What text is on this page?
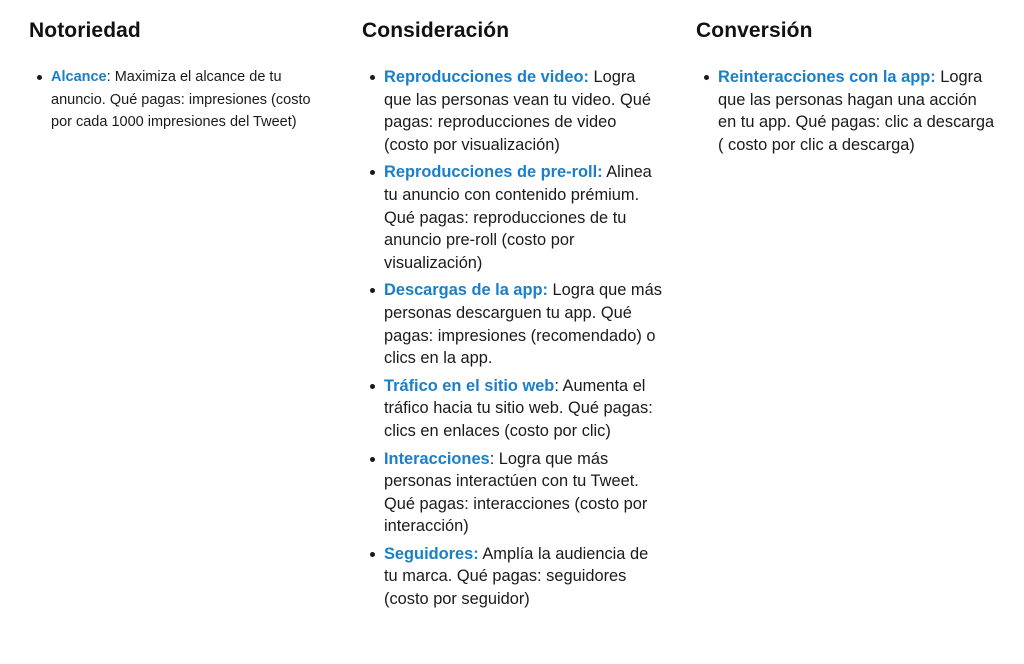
Notoriedad
Alcance: Maximiza el alcance de tu anuncio. Qué pagas: impresiones (costo por cada 1000 impresiones del Tweet)
Consideración
Reproducciones de video: Logra que las personas vean tu video. Qué pagas: reproducciones de video (costo por visualización)
Reproducciones de pre-roll: Alinea tu anuncio con contenido prémium. Qué pagas: reproducciones de tu anuncio pre-roll (costo por visualización)
Descargas de la app: Logra que más personas descarguen tu app. Qué pagas: impresiones (recomendado) o clics en la app.
Tráfico en el sitio web: Aumenta el tráfico hacia tu sitio web. Qué pagas: clics en enlaces (costo por clic)
Interacciones: Logra que más personas interactúen con tu Tweet. Qué pagas: interacciones (costo por interacción)
Seguidores: Amplía la audiencia de tu marca. Qué pagas: seguidores (costo por seguidor)
Conversión
Reinteracciones con la app: Logra que las personas hagan una acción en tu app. Qué pagas: clic a descarga ( costo por clic a descarga)
